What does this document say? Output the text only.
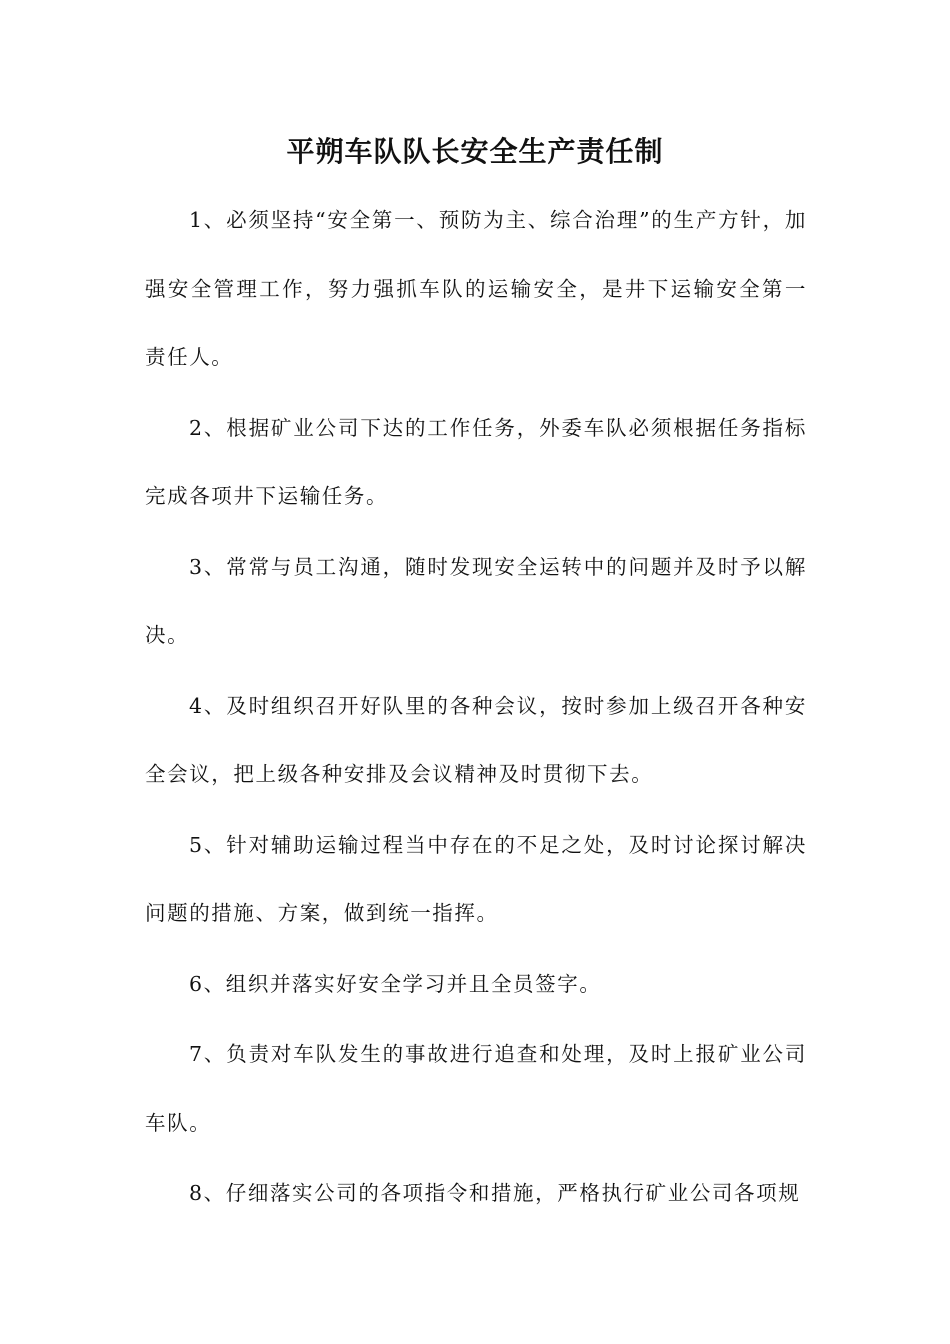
平朔车队队长安全生产责任制

1、必须坚持“安全第一、预防为主、综合治理”的生产方针，加强安全管理工作，努力强抓车队的运输安全，是井下运输安全第一责任人。

2、根据矿业公司下达的工作任务，外委车队必须根据任务指标完成各项井下运输任务。

3、常常与员工沟通，随时发现安全运转中的问题并及时予以解决。

4、及时组织召开好队里的各种会议，按时参加上级召开各种安全会议，把上级各种安排及会议精神及时贯彻下去。

5、针对辅助运输过程当中存在的不足之处，及时讨论探讨解决问题的措施、方案，做到统一指挥。

6、组织并落实好安全学习并且全员签字。

7、负责对车队发生的事故进行追查和处理，及时上报矿业公司车队。

8、仔细落实公司的各项指令和措施，严格执行矿业公司各项规
